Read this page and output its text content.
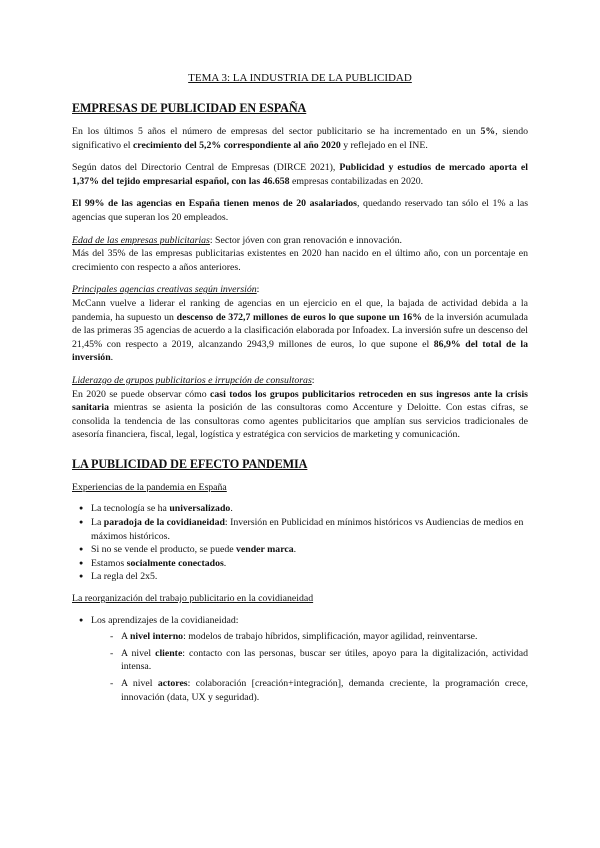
TEMA 3: LA INDUSTRIA DE LA PUBLICIDAD
EMPRESAS DE PUBLICIDAD EN ESPAÑA

En los últimos 5 años el número de empresas del sector publicitario se ha incrementado en un 5%, siendo significativo el crecimiento del 5,2% correspondiente al año 2020 y reflejado en el INE.

Según datos del Directorio Central de Empresas (DIRCE 2021), Publicidad y estudios de mercado aporta el 1,37% del tejido empresarial español, con las 46.658 empresas contabilizadas en 2020.

El 99% de las agencias en España tienen menos de 20 asalariados, quedando reservado tan sólo el 1% a las agencias que superan los 20 empleados.

Edad de las empresas publicitarias: Sector jóven con gran renovación e innovación.
Más del 35% de las empresas publicitarias existentes en 2020 han nacido en el último año, con un porcentaje en crecimiento con respecto a años anteriores.

Principales agencias creativas según inversión:
McCann vuelve a liderar el ranking de agencias en un ejercicio en el que, la bajada de actividad debida a la pandemia, ha supuesto un descenso de 372,7 millones de euros lo que supone un 16% de la inversión acumulada de las primeras 35 agencias de acuerdo a la clasificación elaborada por Infoadex. La inversión sufre un descenso del 21,45% con respecto a 2019, alcanzando 2943,9 millones de euros, lo que supone el 86,9% del total de la inversión.

Liderazgo de grupos publicitarios e irrupción de consultoras:
En 2020 se puede observar cómo casi todos los grupos publicitarios retroceden en sus ingresos ante la crisis sanitaria mientras se asienta la posición de las consultoras como Accenture y Deloitte. Con estas cifras, se consolida la tendencia de las consultoras como agentes publicitarios que amplían sus servicios tradicionales de asesoría financiera, fiscal, legal, logística y estratégica con servicios de marketing y comunicación.

LA PUBLICIDAD DE EFECTO PANDEMIA
Experiencias de la pandemia en España
● La tecnología se ha universalizado.
● La paradoja de la covidianeidad: Inversión en Publicidad en mínimos históricos vs Audiencias de medios en máximos históricos.
● Si no se vende el producto, se puede vender marca.
● Estamos socialmente conectados.
● La regla del 2x5.
La reorganización del trabajo publicitario en la covidianeidad
● Los aprendizajes de la covidianeidad:
- A nivel interno: modelos de trabajo híbridos, simplificación, mayor agilidad, reinventarse.
- A nivel cliente: contacto con las personas, buscar ser útiles, apoyo para la digitalización, actividad intensa.
- A nivel actores: colaboración [creación+integración], demanda creciente, la programación crece, innovación (data, UX y seguridad).
